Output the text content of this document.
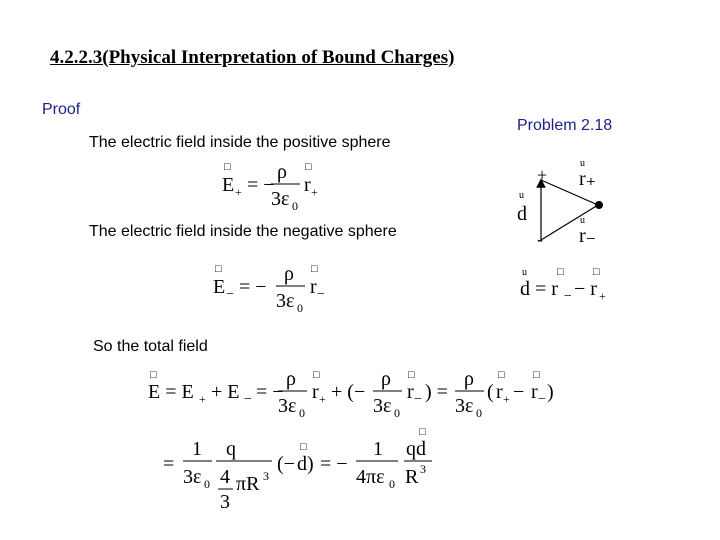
4.2.2.3(Physical Interpretation of Bound Charges)
Proof
Problem 2.18
The electric field inside the positive sphere
The electric field inside the negative sphere
So the total field
□
E + = −
ρ
3ε 0
□
r +
□
E − = −
ρ
3ε 0
□
r −
□
E = E + + E − = −
ρ
3ε 0
□
r + + (−
ρ
3ε 0
□
r − ) =
ρ
3ε 0
(
□
r + −
□
r − )
=
1
3ε 0
q
4
3
πR 3
(−
□
d) = −
1
4πε 0
□
qd
R 3
+
-
u
d
u
r₊
u
r₋
u
d = r −
□
− r +
□
